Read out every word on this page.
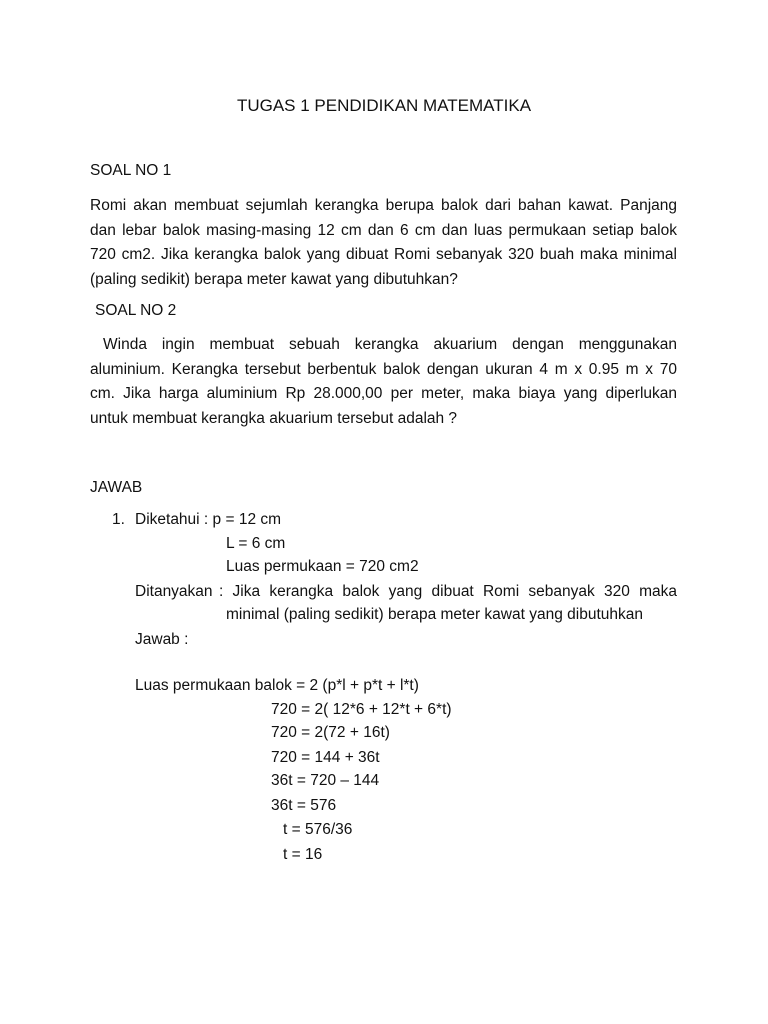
TUGAS 1 PENDIDIKAN MATEMATIKA
SOAL NO 1
Romi akan membuat sejumlah kerangka berupa balok dari bahan kawat. Panjang
dan lebar balok masing-masing 12 cm dan 6 cm dan luas permukaan setiap balok
720 cm2. Jika kerangka balok yang dibuat Romi sebanyak 320 buah maka minimal
(paling sedikit) berapa meter kawat yang dibutuhkan?
SOAL NO 2
Winda ingin membuat sebuah kerangka akuarium dengan menggunakan
aluminium. Kerangka tersebut berbentuk balok dengan ukuran 4 m x 0.95 m x 70
cm. Jika harga aluminium Rp 28.000,00 per meter, maka biaya yang diperlukan
untuk membuat kerangka akuarium tersebut adalah ?
JAWAB
1. Diketahui : p = 12 cm
L = 6 cm
Luas permukaan = 720 cm2
Ditanyakan : Jika kerangka balok yang dibuat Romi sebanyak 320 maka
minimal (paling sedikit) berapa meter kawat yang dibutuhkan
Jawab :
Luas permukaan balok = 2 (p*l + p*t + l*t)
720 = 2( 12*6 + 12*t + 6*t)
720 = 2(72 + 16t)
720 = 144 + 36t
36t = 720 – 144
36t = 576
t = 576/36
t = 16
